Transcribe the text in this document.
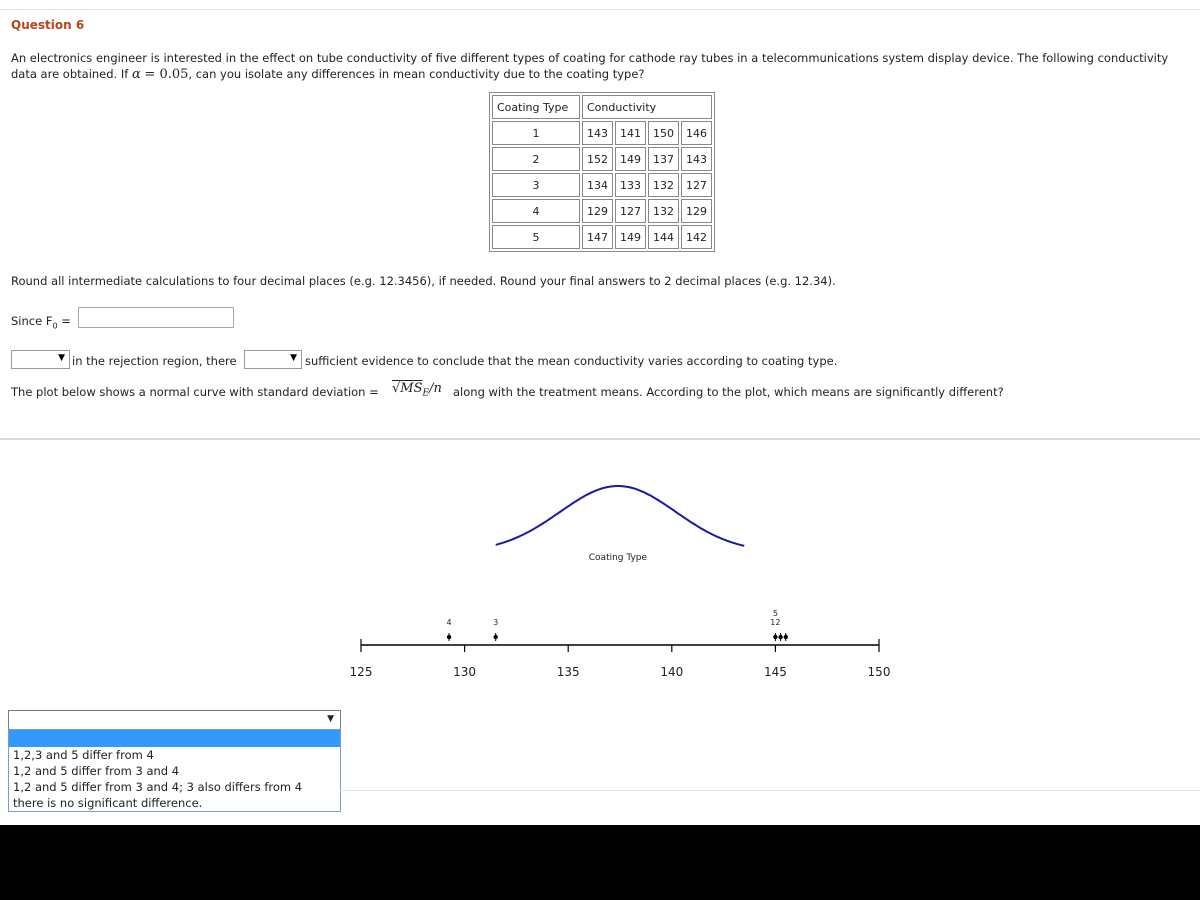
Question 6
An electronics engineer is interested in the effect on tube conductivity of five different types of coating for cathode ray tubes in a telecommunications system display device. The following conductivity data are obtained. If α = 0.05, can you isolate any differences in mean conductivity due to the coating type?
Coating Type	Conductivity			
1	143	141	150	146
2	152	149	137	143
3	134	133	132	127
4	129	127	132	129
5	147	149	144	142
Round all intermediate calculations to four decimal places (e.g. 12.3456), if needed. Round your final answers to 2 decimal places (e.g. 12.34).
Since $F_0$ =
▼ in the rejection region, there	▼ sufficient evidence to conclude that the mean conductivity varies according to coating type.
The plot below shows a normal curve with standard deviation = $√MS_E/n$ along with the treatment means. According to the plot, which means are significantly different?
Coating Type
125	130	135	140	145	150
4	3
5
12
▼
1,2,3 and 5 differ from 4
1,2 and 5 differ from 3 and 4
1,2 and 5 differ from 3 and 4; 3 also differs from 4
there is no significant difference.
